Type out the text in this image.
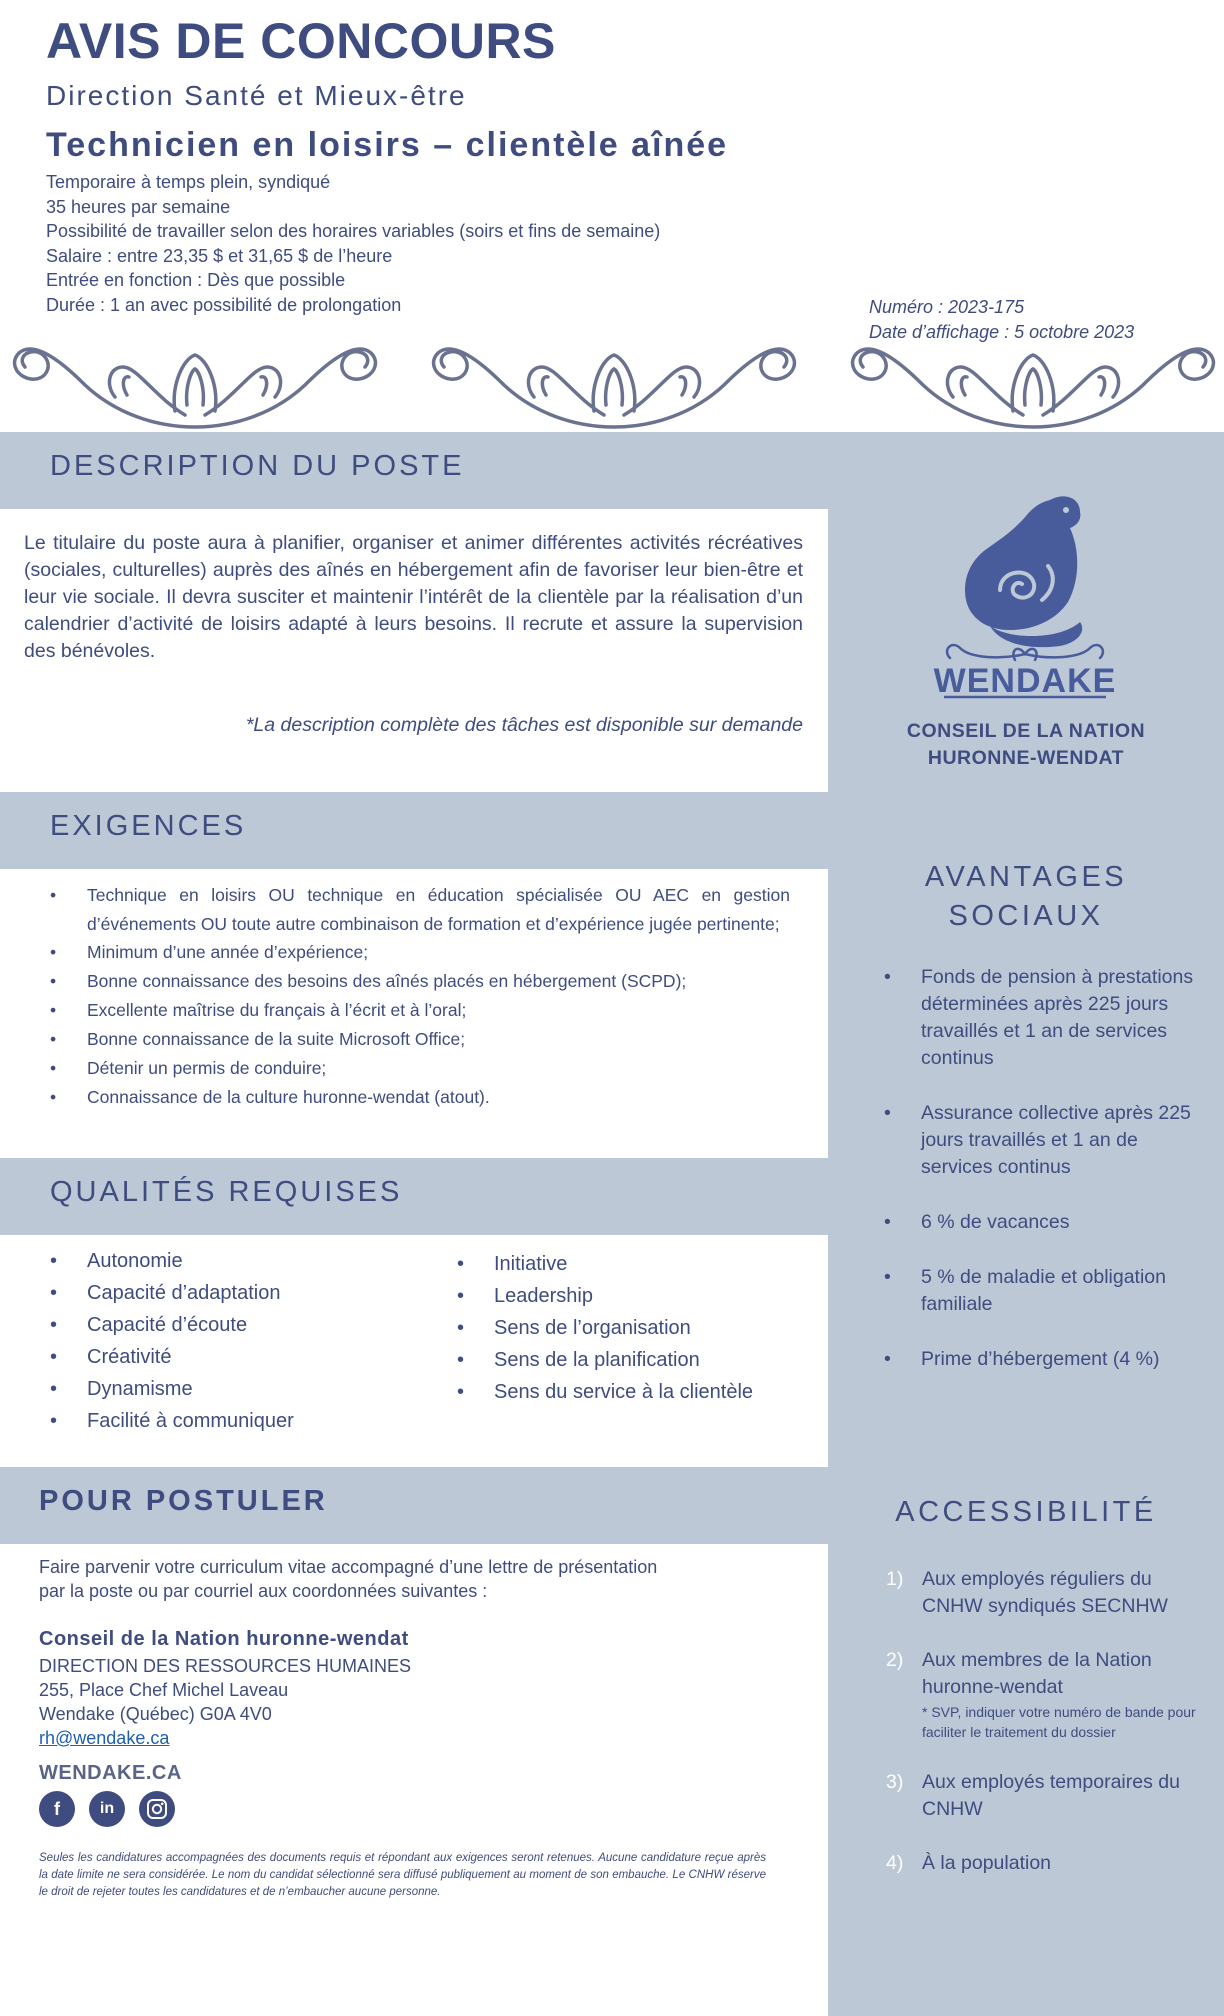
AVIS DE CONCOURS
Direction Santé et Mieux-être
Technicien en loisirs – clientèle aînée
Temporaire à temps plein, syndiqué
35 heures par semaine
Possibilité de travailler selon des horaires variables (soirs et fins de semaine)
Salaire : entre 23,35 $ et 31,65 $ de l’heure
Entrée en fonction : Dès que possible
Durée : 1 an avec possibilité de prolongation	Numéro : 2023-175
Date d’affichage : 5 octobre 2023
DESCRIPTION DU POSTE
Le titulaire du poste aura à planifier, organiser et animer différentes activités récréatives (sociales, culturelles) auprès des aînés en hébergement afin de favoriser leur bien-être et leur vie sociale. Il devra susciter et maintenir l’intérêt de la clientèle par la réalisation d’un calendrier d’activité de loisirs adapté à leurs besoins. Il recrute et assure la supervision des bénévoles.
*La description complète des tâches est disponible sur demande
EXIGENCES
• Technique en loisirs OU technique en éducation spécialisée OU AEC en gestion d’événements OU toute autre combinaison de formation et d’expérience jugée pertinente;
• Minimum d’une année d’expérience;
• Bonne connaissance des besoins des aînés placés en hébergement (SCPD);
• Excellente maîtrise du français à l’écrit et à l’oral;
• Bonne connaissance de la suite Microsoft Office;
• Détenir un permis de conduire;
• Connaissance de la culture huronne-wendat (atout).
QUALITÉS REQUISES
• Autonomie
• Capacité d’adaptation
• Capacité d’écoute
• Créativité
• Dynamisme
• Facilité à communiquer
• Initiative
• Leadership
• Sens de l’organisation
• Sens de la planification
• Sens du service à la clientèle
POUR POSTULER
Faire parvenir votre curriculum vitae accompagné d’une lettre de présentation par la poste ou par courriel aux coordonnées suivantes :
Conseil de la Nation huronne-wendat
DIRECTION DES RESSOURCES HUMAINES
255, Place Chef Michel Laveau
Wendake (Québec) G0A 4V0
rh@wendake.ca
WENDAKE.CA
f	in
Seules les candidatures accompagnées des documents requis et répondant aux exigences seront retenues. Aucune candidature reçue après la date limite ne sera considérée. Le nom du candidat sélectionné sera diffusé publiquement au moment de son embauche. Le CNHW réserve le droit de rejeter toutes les candidatures et de n’embaucher aucune personne.
WENDAKE
CONSEIL DE LA NATION
HURONNE-WENDAT
AVANTAGES
SOCIAUX
• Fonds de pension à prestations déterminées après 225 jours travaillés et 1 an de services continus
• Assurance collective après 225 jours travaillés et 1 an de services continus
• 6 % de vacances
• 5 % de maladie et obligation familiale
• Prime d’hébergement (4 %)
ACCESSIBILITÉ
1) Aux employés réguliers du CNHW syndiqués SECNHW
2) Aux membres de la Nation huronne-wendat
* SVP, indiquer votre numéro de bande pour faciliter le traitement du dossier
3) Aux employés temporaires du CNHW
4) À la population
